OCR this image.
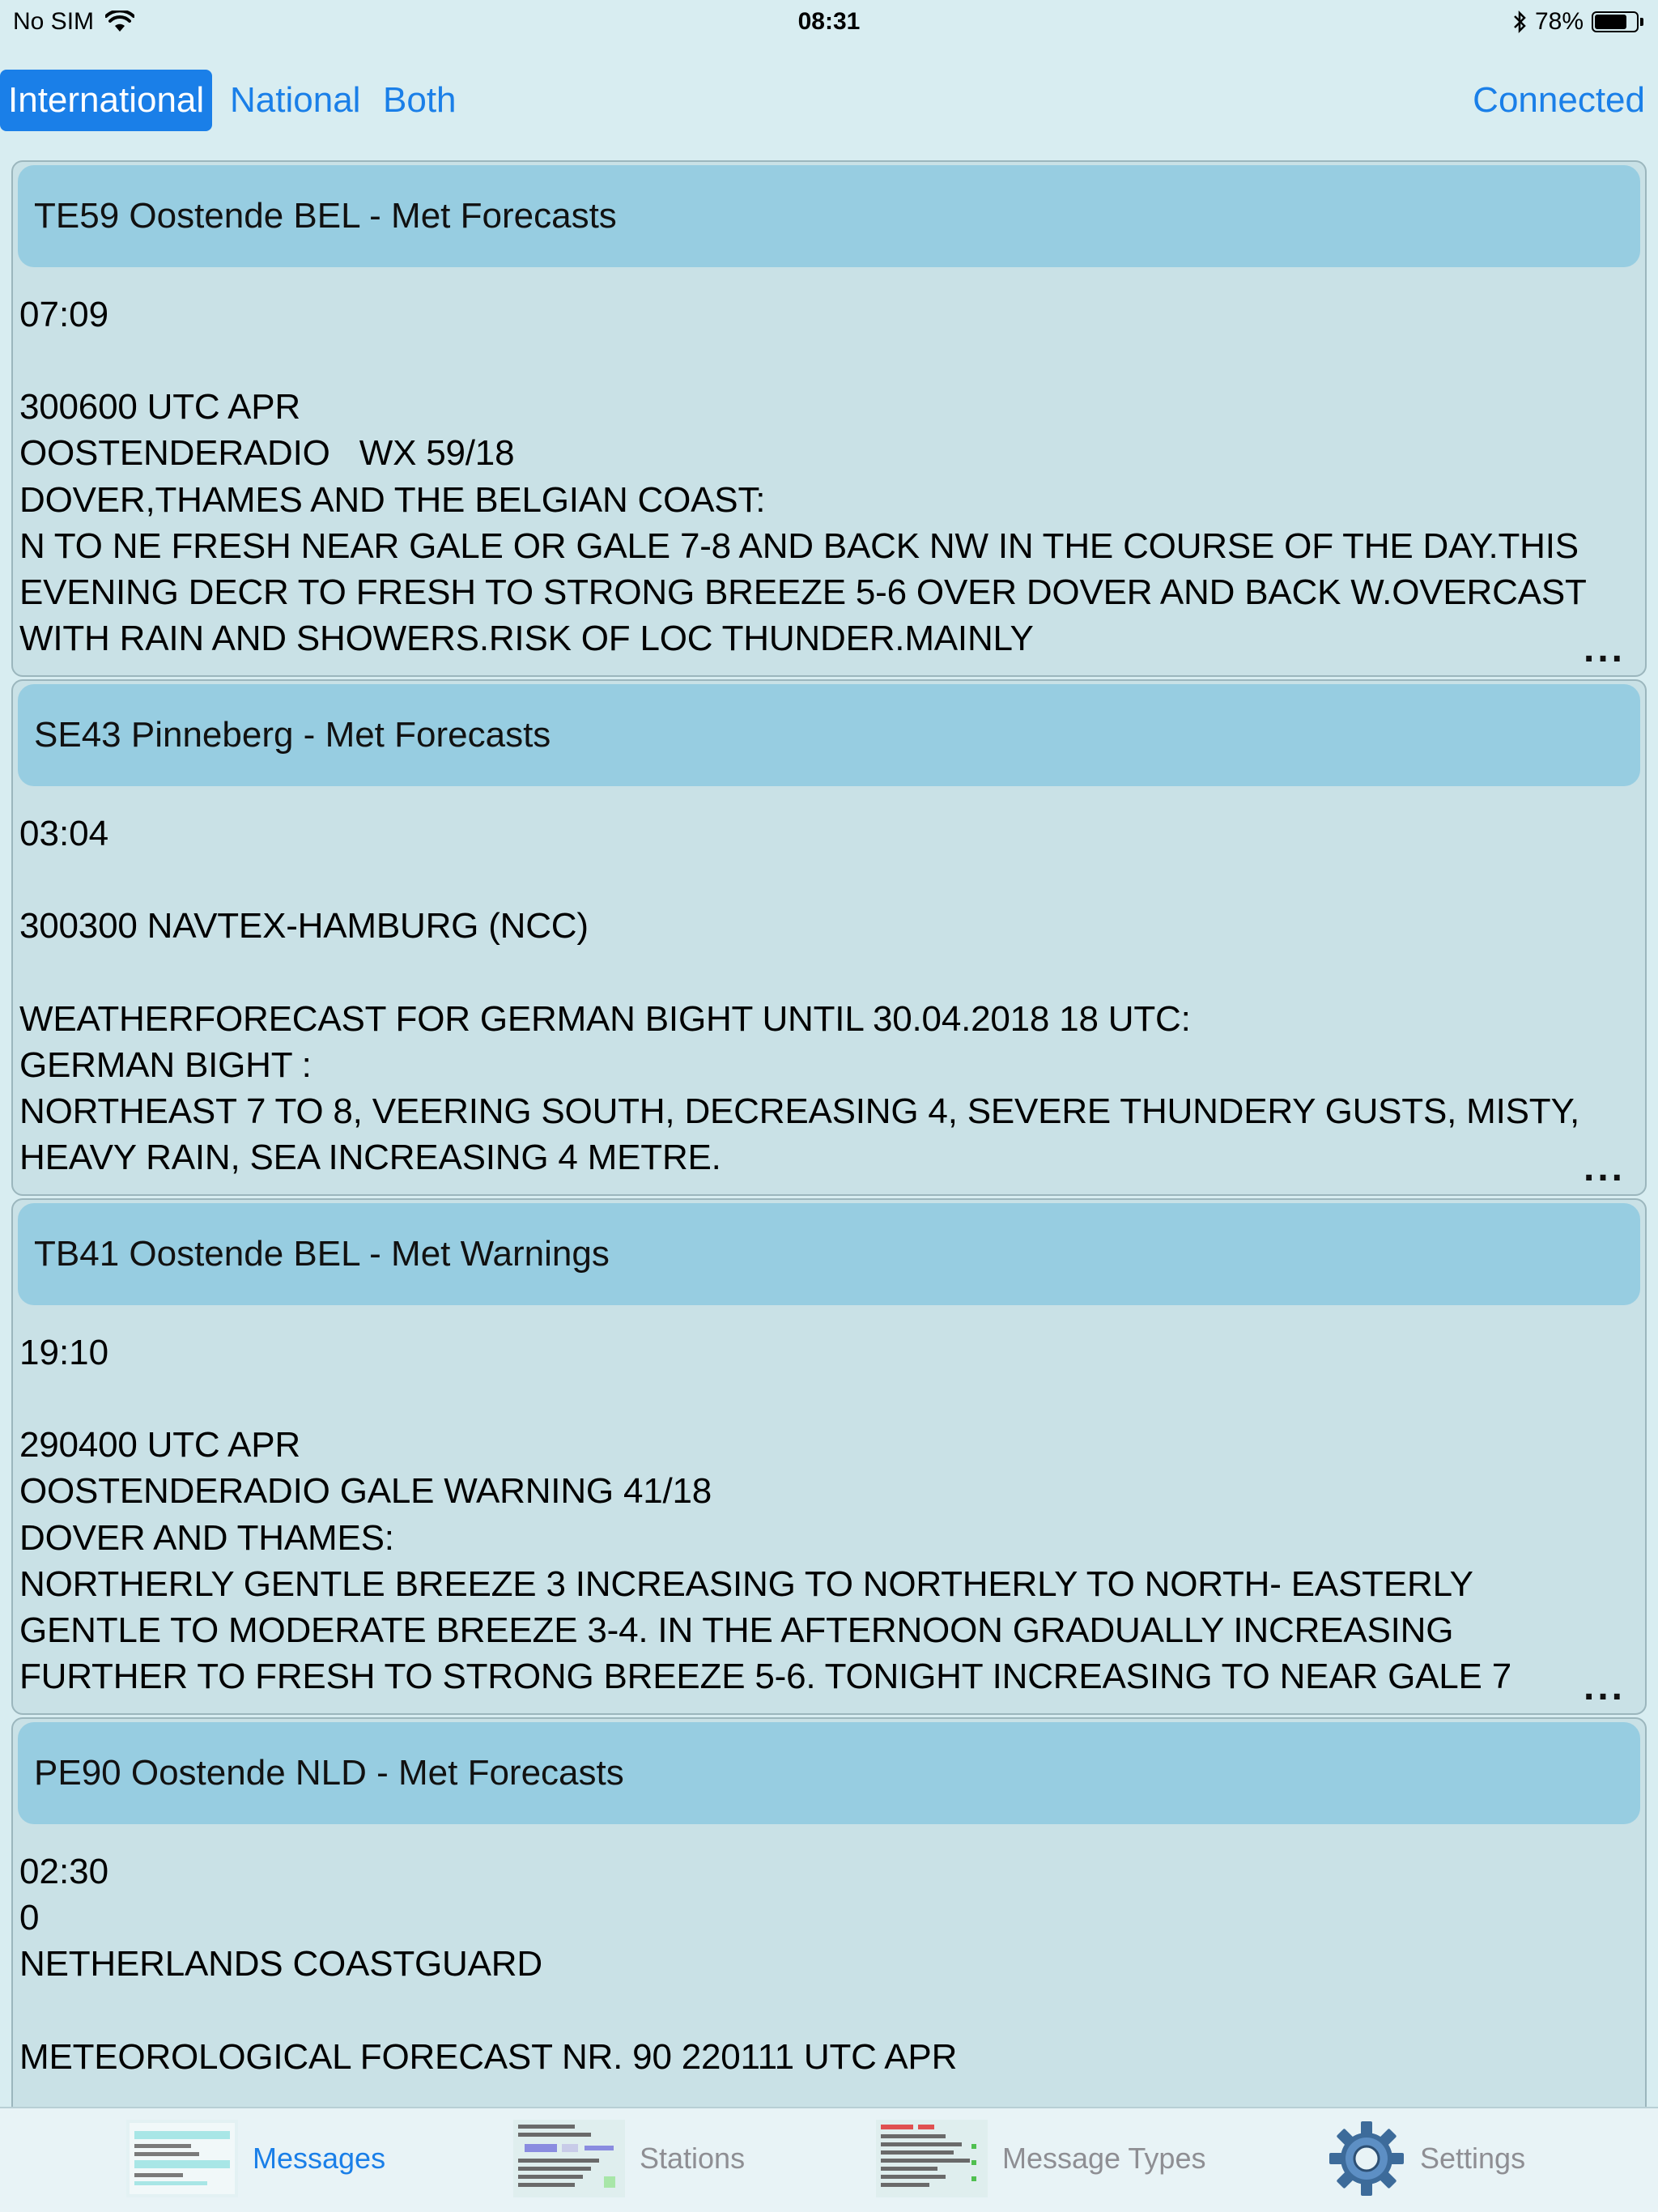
No SIM	08:31	78%
International National Both	Connected
TE59 Oostende BEL - Met Forecasts
07:09
300600 UTC APR
OOSTENDERADIO   WX 59/18
DOVER,THAMES AND THE BELGIAN COAST:
N TO NE FRESH NEAR GALE OR GALE 7-8 AND BACK NW IN THE COURSE OF THE DAY.THIS EVENING DECR TO FRESH TO STRONG BREEZE 5-6 OVER DOVER AND BACK W.OVERCAST WITH RAIN AND SHOWERS.RISK OF LOC THUNDER.MAINLY	...
SE43 Pinneberg - Met Forecasts
03:04
300300 NAVTEX-HAMBURG (NCC)

WEATHERFORECAST FOR GERMAN BIGHT UNTIL 30.04.2018 18 UTC:
GERMAN BIGHT :
NORTHEAST 7 TO 8, VEERING SOUTH, DECREASING 4, SEVERE THUNDERY GUSTS, MISTY, HEAVY RAIN, SEA INCREASING 4 METRE.	...
TB41 Oostende BEL - Met Warnings
19:10
290400 UTC APR
OOSTENDERADIO GALE WARNING 41/18
DOVER AND THAMES:
NORTHERLY GENTLE BREEZE 3 INCREASING TO NORTHERLY TO NORTH- EASTERLY GENTLE TO MODERATE BREEZE 3-4. IN THE AFTERNOON GRADUALLY INCREASING FURTHER TO FRESH TO STRONG BREEZE 5-6. TONIGHT INCREASING TO NEAR GALE 7	...
PE90 Oostende NLD - Met Forecasts
02:30
0
NETHERLANDS COASTGUARD

METEOROLOGICAL FORECAST NR. 90 220111 UTC APR
Messages	Stations	Message Types	Settings
